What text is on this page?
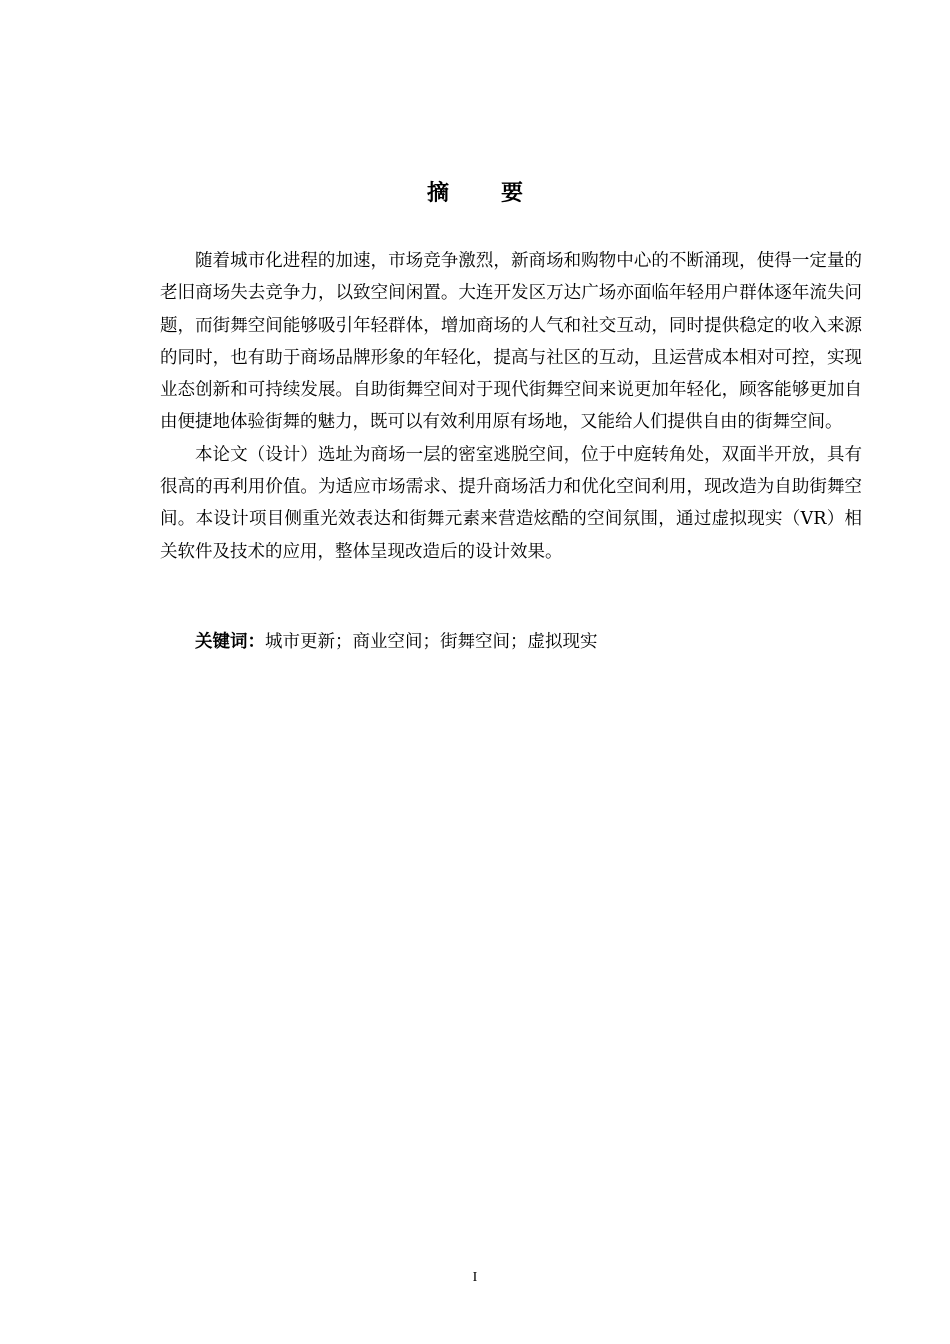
摘 要

随着城市化进程的加速，市场竞争激烈，新商场和购物中心的不断涌现，使得一定量的老旧商场失去竞争力，以致空间闲置。大连开发区万达广场亦面临年轻用户群体逐年流失问题，而街舞空间能够吸引年轻群体，增加商场的人气和社交互动，同时提供稳定的收入来源的同时，也有助于商场品牌形象的年轻化，提高与社区的互动，且运营成本相对可控，实现业态创新和可持续发展。自助街舞空间对于现代街舞空间来说更加年轻化，顾客能够更加自由便捷地体验街舞的魅力，既可以有效利用原有场地，又能给人们提供自由的街舞空间。

本论文（设计）选址为商场一层的密室逃脱空间，位于中庭转角处，双面半开放，具有很高的再利用价值。为适应市场需求、提升商场活力和优化空间利用，现改造为自助街舞空间。本设计项目侧重光效表达和街舞元素来营造炫酷的空间氛围，通过虚拟现实（VR）相关软件及技术的应用，整体呈现改造后的设计效果。

关键词：城市更新；商业空间；街舞空间；虚拟现实
I
